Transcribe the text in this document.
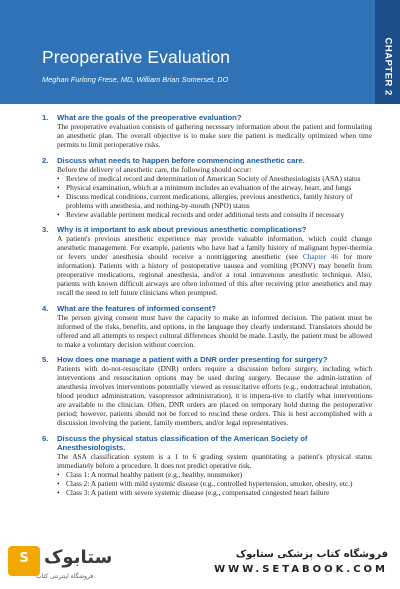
Preoperative Evaluation
Meghan Furlong Frese, MD, William Brian Somerset, DO
1. What are the goals of the preoperative evaluation?
The preoperative evaluation consists of gathering necessary information about the patient and formulating an anesthetic plan. The overall objective is to make sure the patient is medically optimized when time permits to limit perioperative risks.
2. Discuss what needs to happen before commencing anesthetic care.
Before the delivery of anesthetic care, the following should occur:
• Review of medical record and determination of American Society of Anesthesiologists (ASA) status
• Physical examination, which at a minimum includes an evaluation of the airway, heart, and lungs
• Discuss medical conditions, current medications, allergies, previous anesthetics, family history of problems with anesthesia, and nothing-by-mouth (NPO) status
• Review available pertinent medical records and order additional tests and consults if necessary
3. Why is it important to ask about previous anesthetic complications?
A patient's previous anesthetic experience may provide valuable information, which could change anesthetic management. For example, patients who have had a family history of malignant hyper-thermia or fevers under anesthesia should receive a nontriggering anesthetic (see Chapter 46 for more information). Patients with a history of postoperative nausea and vomiting (PONV) may benefit from preoperative medications, regional anesthesia, and/or a total intravenous anesthetic technique. Also, patients with known difficult airways are often informed of this after receiving prior anesthetics and may recall the need to tell future clinicians when prompted.
4. What are the features of informed consent?
The person giving consent must have the capacity to make an informed decision. The patient must be informed of the risks, benefits, and options, in the language they clearly understand. Translators should be offered and all attempts to respect cultural differences should be made. Lastly, the patient must be allowed to make a voluntary decision without coercion.
5. How does one manage a patient with a DNR order presenting for surgery?
Patients with do-not-resuscitate (DNR) orders require a discussion before surgery, including which interventions and resuscitation options may be used during surgery. Because the admin-istration of anesthesia involves interventions potentially viewed as resuscitative efforts (e.g., endotracheal intubation, blood product administration, vasopressor administration), it is impera-tive to clarify what interventions are available to the clinician. Often, DNR orders are placed on temporary hold during the perioperative period; however, patients should not be forced to rescind these orders. This is best accomplished with a discussion involving the patient, family members, and/or legal representatives.
6. Discuss the physical status classification of the American Society of Anesthesiologists.
The ASA classification system is a 1 to 6 grading system quantitating a patient's physical status immediately before a procedure. It does not predict operative risk.
• Class 1: A normal healthy patient (e.g., healthy, nonsmoker)
• Class 2: A patient with mild systemic disease (e.g., controlled hypertension, smoker, obesity, etc.)
• Class 3: A patient with severe systemic disease (e.g., compensated congested heart failure
S ستابوک
فروشگاه اینترنتی کتاب
فروشگاه کتاب پزشکی ستابوک
WWW.SETABOOK.COM
